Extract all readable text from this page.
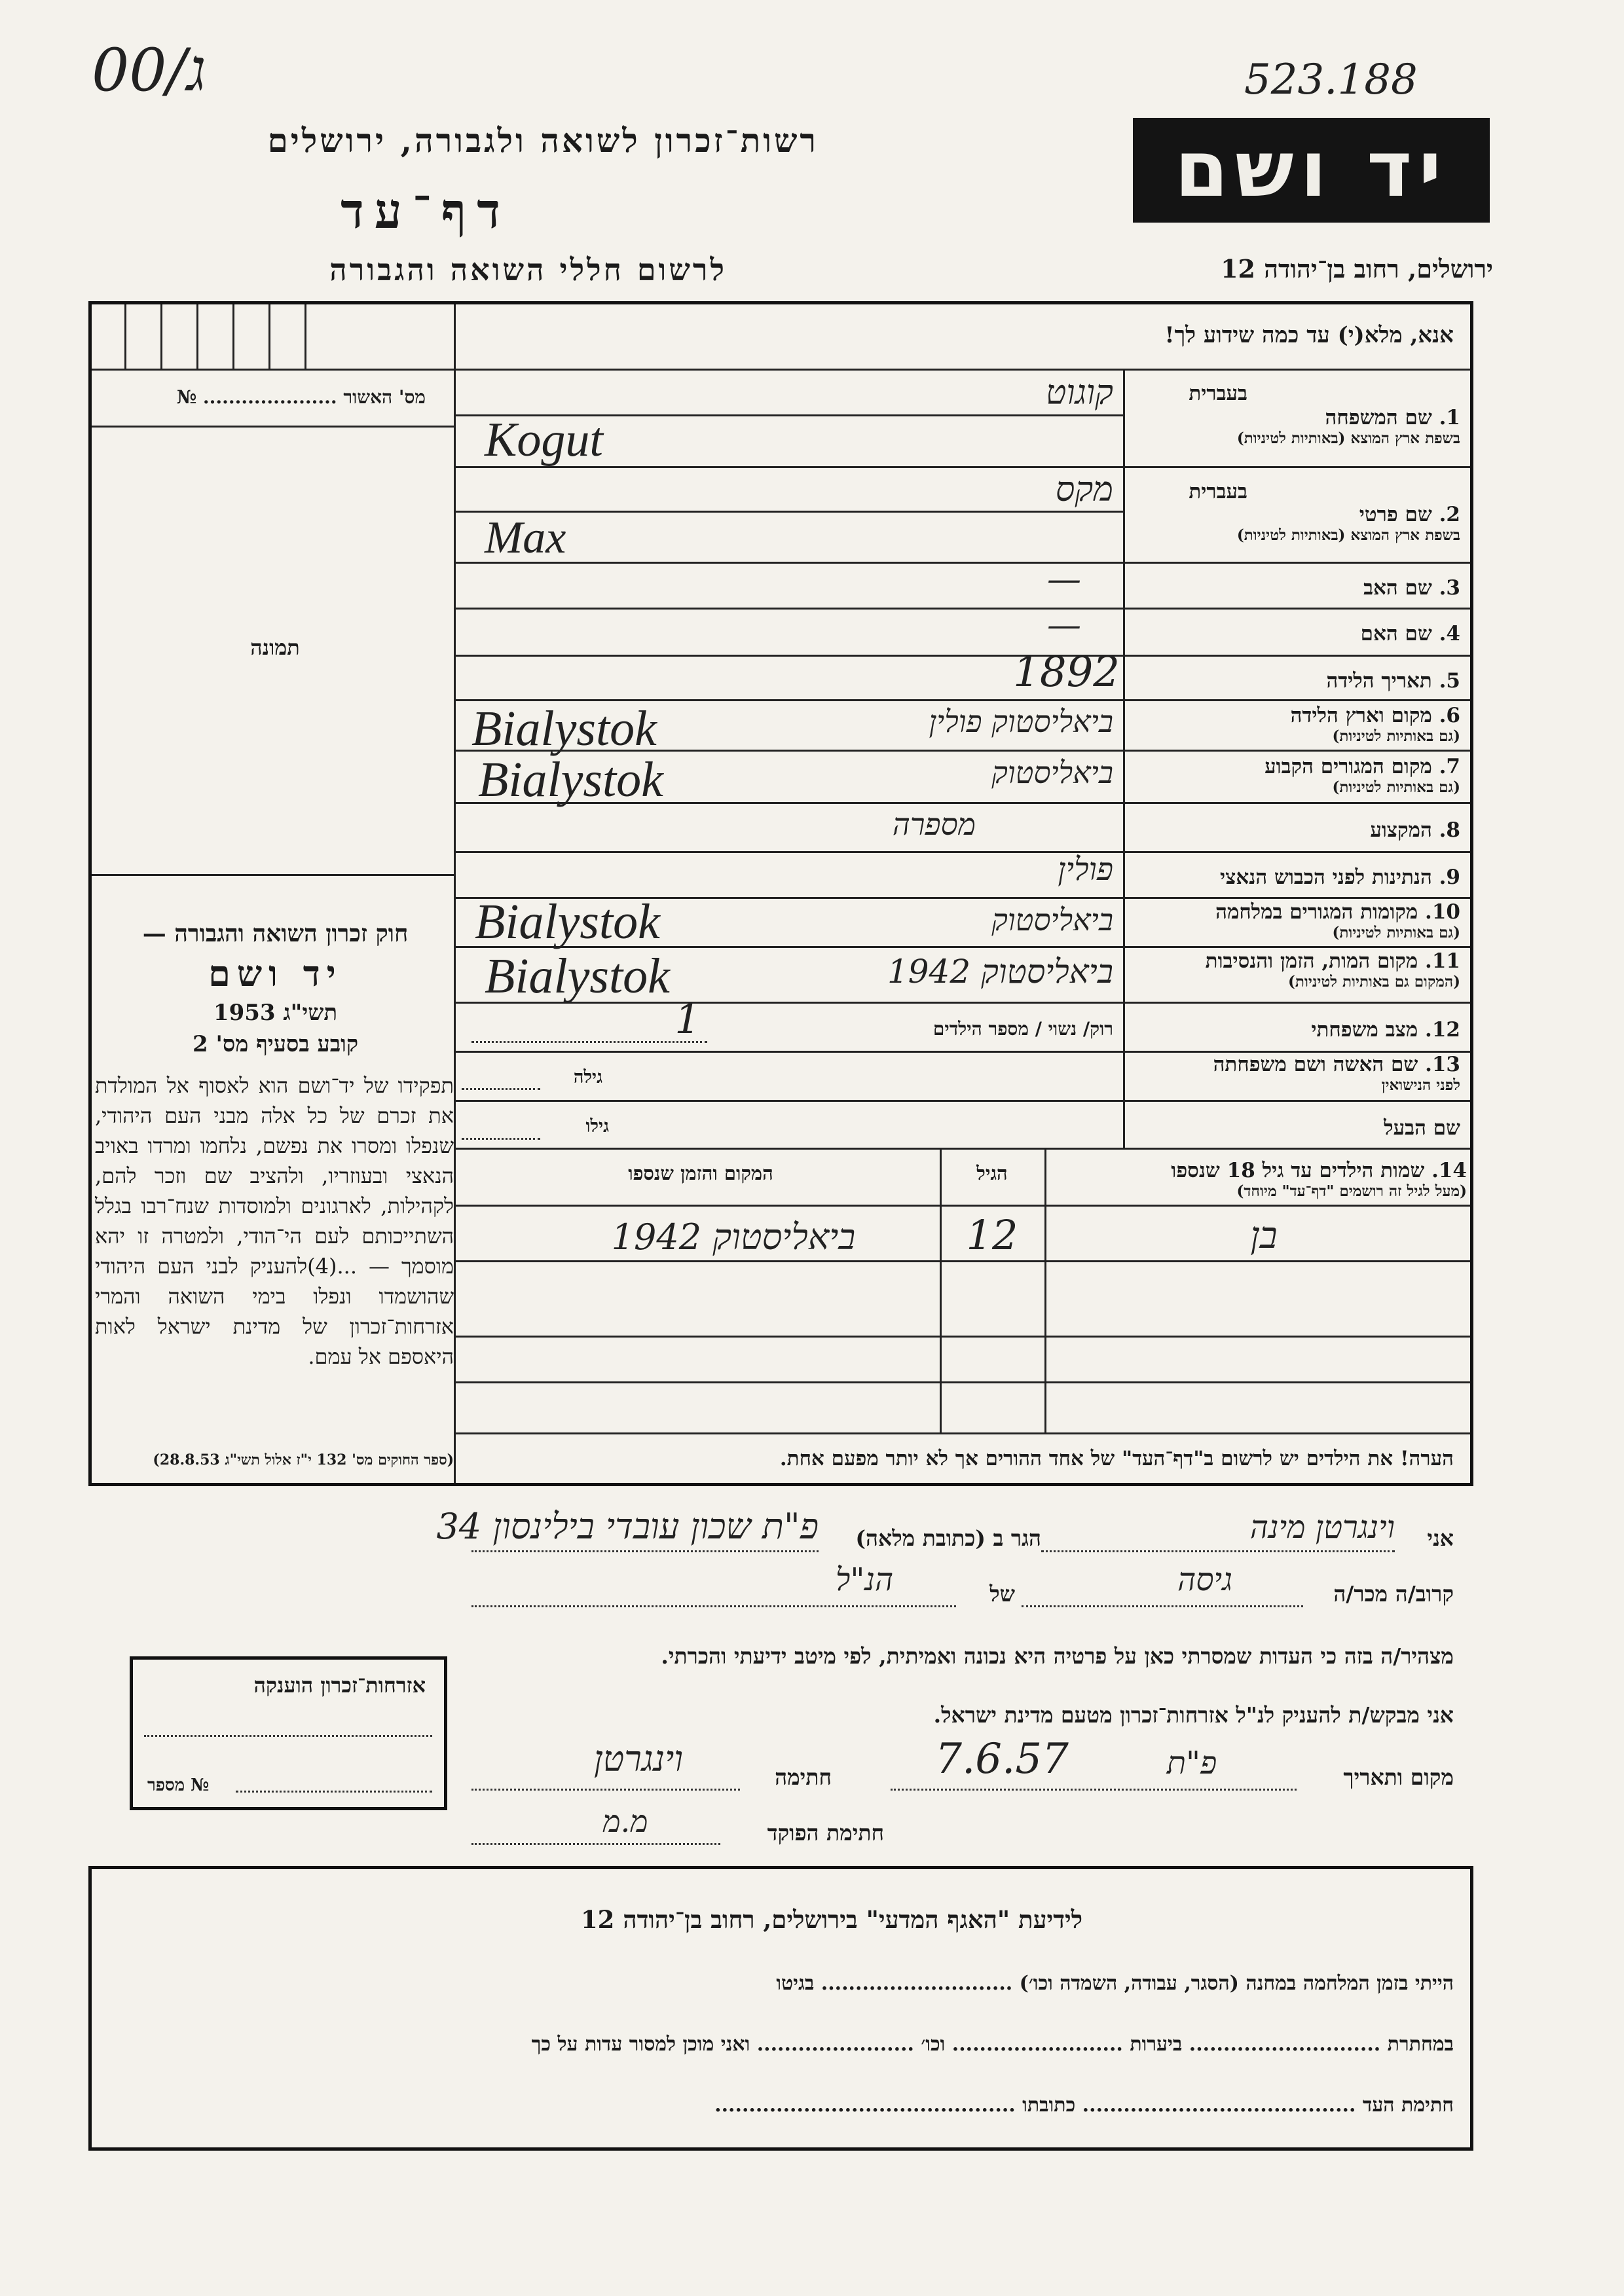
ג/00
רשות־זכרון לשואה ולגבורה, ירושלים
דף־עד
לרשום חללי השואה והגבורה
523.188
יד ושם
ירושלים, רחוב בן־יהודה 12
מס' האשור ..................... №
תמונה
חוק זכרון השואה והגבורה —
יד ושם
תשי"ג 1953
קובע בסעיף מס' 2
תפקידו של יד־ושם הוא לאסוף אל המולדת את זכרם של כל אלה מבני העם היהודי, שנפלו ומסרו את נפשם, נלחמו ומרדו באויב הנאצי ובעוזריו, ולהציב שם וזכר להם, לקהילות, לארגונים ולמוסדות שנח־רבו בגלל השתייכותם לעם הי־הודי, ולמטרה זו יהא מוסמך — ...(4)להעניק לבני העם היהודי שהושמדו ונפלו בימי השואה והמרי אזרחות־זכרון של מדינת ישראל לאות היאספם אל עמם.
(ספר החוקים מס' 132 י"ז אלול תשי"ג 28.8.53)
אנא, מלא(י) עד כמה שידוע לך!
1. שם המשפחה
בשפת ארץ המוצא (באותיות לטיניות)
בעברית
קוגוט
Kogut
2. שם פרטי
בשפת ארץ המוצא (באותיות לטיניות)
בעברית
מקס
Max
3. שם האב
—
4. שם האם
—
5. תאריך הלידה
1892
6. מקום וארץ הלידה
(גם באותיות לטיניות)
ביאליסטוק פולין
Bialystok
7. מקום המגורים הקבוע
(גם באותיות לטיניות)
ביאליסטוק
Bialystok
8. המקצוע
מספרה
9. הנתינות לפני הכבוש הנאצי
פולין
10. מקומות המגורים במלחמה
(גם באותיות לטיניות)
ביאליסטוק
Bialystok
11. מקום המות, הזמן והנסיבות
(המקום גם באותיות לטיניות)
ביאליסטוק 1942
Bialystok
12. מצב משפחתי
רוק/ נשוי / מספר הילדים
1
13. שם האשה ושם משפחתה
לפני הנישואין
גילה
שם הבעל
גילו
14. שמות הילדים עד גיל 18 שנספו
(מעל לגיל זה רושמים "דף־עד" מיוחד)
הגיל
המקום והזמן שנספו
בן
12
ביאליסטוק 1942
הערה! את הילדים יש לרשום ב"דף־העד" של אחד ההורים אך לא יותר מפעם אחת.
אני
וינגרטן מינה
הגר ב (כתובת מלאה)
פ"ת שכון עובדי בילינסון 34
קרוב/ה מכר/ה
גיסה
של
הנ"ל
מצהיר/ה בזה כי העדות שמסרתי כאן על פרטיה היא נכונה ואמיתית, לפי מיטב ידיעתי והכרתי.
אני מבקש/ת להעניק לנ"ל אזרחות־זכרון מטעם מדינת ישראל.
מקום ותאריך
פ"ת
7.6.57
חתימה
וינגרטן
חתימת הפוקד
מ.מ
אזרחות־זכרון הוענקה
№ מספר
לידיעת "האגף המדעי" בירושלים, רחוב בן־יהודה 12
הייתי בזמן המלחמה במחנה (הסגר, עבודה, השמדה וכו׳) ............................ בגיטו
במחתרת ............................ ביערות ......................... וכו׳ ....................... ואני מוכן למסור עדות על כך
חתימת העד ........................................ כתובתו ............................................
